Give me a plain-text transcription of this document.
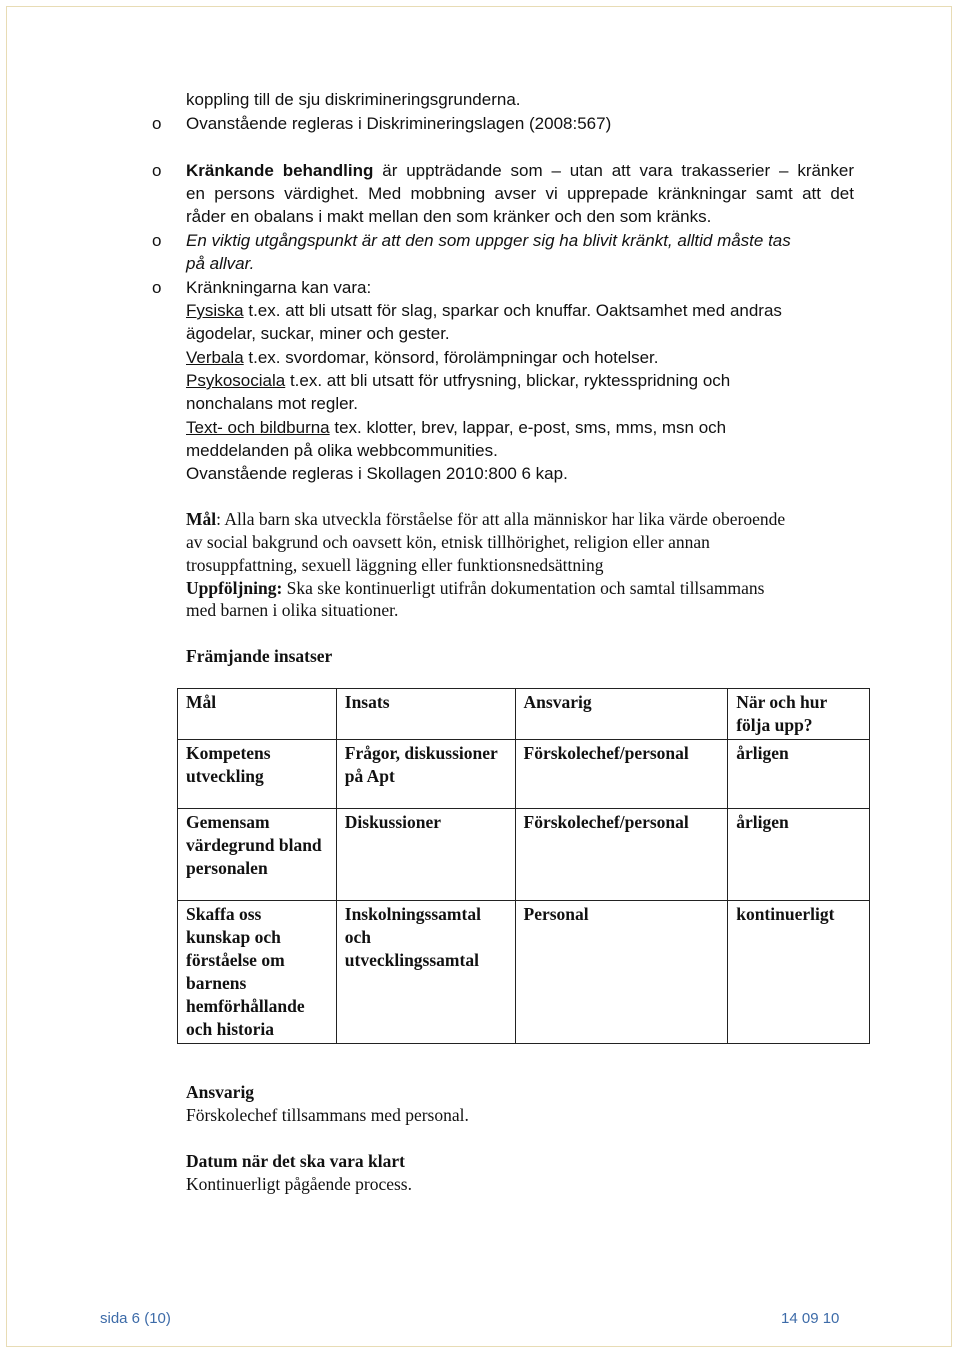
koppling till de sju diskrimineringsgrunderna.
o Ovanstående regleras i Diskrimineringslagen (2008:567)
o Kränkande behandling är uppträdande som – utan att vara trakasserier – kränker
en persons värdighet. Med mobbning avser vi upprepade kränkningar samt att det
råder en obalans i makt mellan den som kränker och den som kränks.
o En viktig utgångspunkt är att den som uppger sig ha blivit kränkt, alltid måste tas
på allvar.
o Kränkningarna kan vara:
Fysiska t.ex. att bli utsatt för slag, sparkar och knuffar. Oaktsamhet med andras
ägodelar, suckar, miner och gester.
Verbala t.ex. svordomar, könsord, förolämpningar och hotelser.
Psykosociala t.ex. att bli utsatt för utfrysning, blickar, ryktesspridning och
nonchalans mot regler.
Text- och bildburna tex. klotter, brev, lappar, e-post, sms, mms, msn och
meddelanden på olika webbcommunities.
Ovanstående regleras i Skollagen 2010:800 6 kap.
Mål: Alla barn ska utveckla förståelse för att alla människor har lika värde oberoende
av social bakgrund och oavsett kön, etnisk tillhörighet, religion eller annan
trosuppfattning, sexuell läggning eller funktionsnedsättning
Uppföljning: Ska ske kontinuerligt utifrån dokumentation och samtal tillsammans
med barnen i olika situationer.
Främjande insatser
Mål	Insats	Ansvarig	När och hur följa upp?
Kompetens utveckling	Frågor, diskussioner på Apt	Förskolechef/personal	årligen
Gemensam värdegrund bland personalen	Diskussioner	Förskolechef/personal	årligen
Skaffa oss kunskap och förståelse om barnens hemförhållande och historia	Inskolningssamtal och utvecklingssamtal	Personal	kontinuerligt
Ansvarig
Förskolechef tillsammans med personal.
Datum när det ska vara klart
Kontinuerligt pågående process.
sida 6 (10)	14 09 10
